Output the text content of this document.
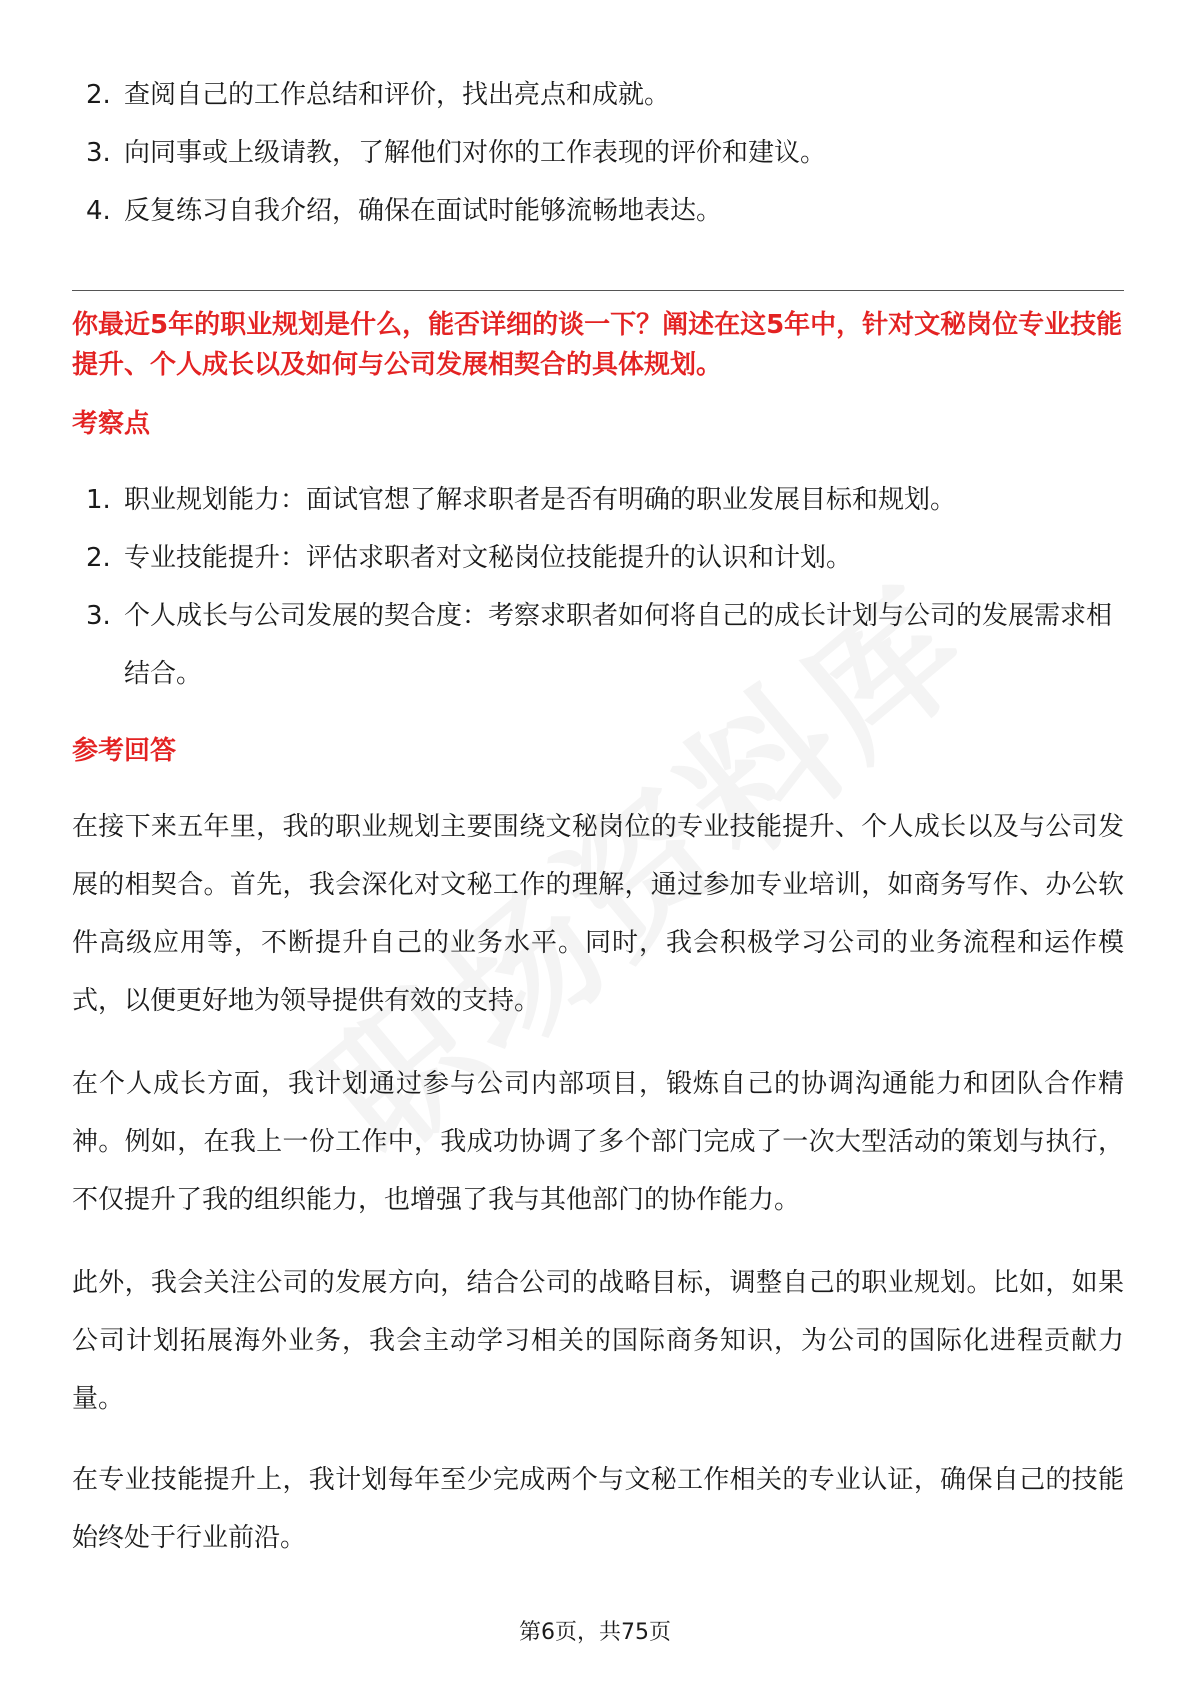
2. 查阅自己的工作总结和评价，找出亮点和成就。
3. 向同事或上级请教，了解他们对你的工作表现的评价和建议。
4. 反复练习自我介绍，确保在面试时能够流畅地表达。

你最近5年的职业规划是什么，能否详细的谈一下？阐述在这5年中，针对文秘岗位专业技能提升、个人成长以及如何与公司发展相契合的具体规划。

考察点
1. 职业规划能力：面试官想了解求职者是否有明确的职业发展目标和规划。
2. 专业技能提升：评估求职者对文秘岗位技能提升的认识和计划。
3. 个人成长与公司发展的契合度：考察求职者如何将自己的成长计划与公司的发展需求相结合。
参考回答

在接下来五年里，我的职业规划主要围绕文秘岗位的专业技能提升、个人成长以及与公司发展的相契合。首先，我会深化对文秘工作的理解，通过参加专业培训，如商务写作、办公软件高级应用等，不断提升自己的业务水平。同时，我会积极学习公司的业务流程和运作模式，以便更好地为领导提供有效的支持。

在个人成长方面，我计划通过参与公司内部项目，锻炼自己的协调沟通能力和团队合作精神。例如，在我上一份工作中，我成功协调了多个部门完成了一次大型活动的策划与执行，不仅提升了我的组织能力，也增强了我与其他部门的协作能力。

此外，我会关注公司的发展方向，结合公司的战略目标，调整自己的职业规划。比如，如果公司计划拓展海外业务，我会主动学习相关的国际商务知识，为公司的国际化进程贡献力量。

在专业技能提升上，我计划每年至少完成两个与文秘工作相关的专业认证，确保自己的技能始终处于行业前沿。

第6页，共75页
